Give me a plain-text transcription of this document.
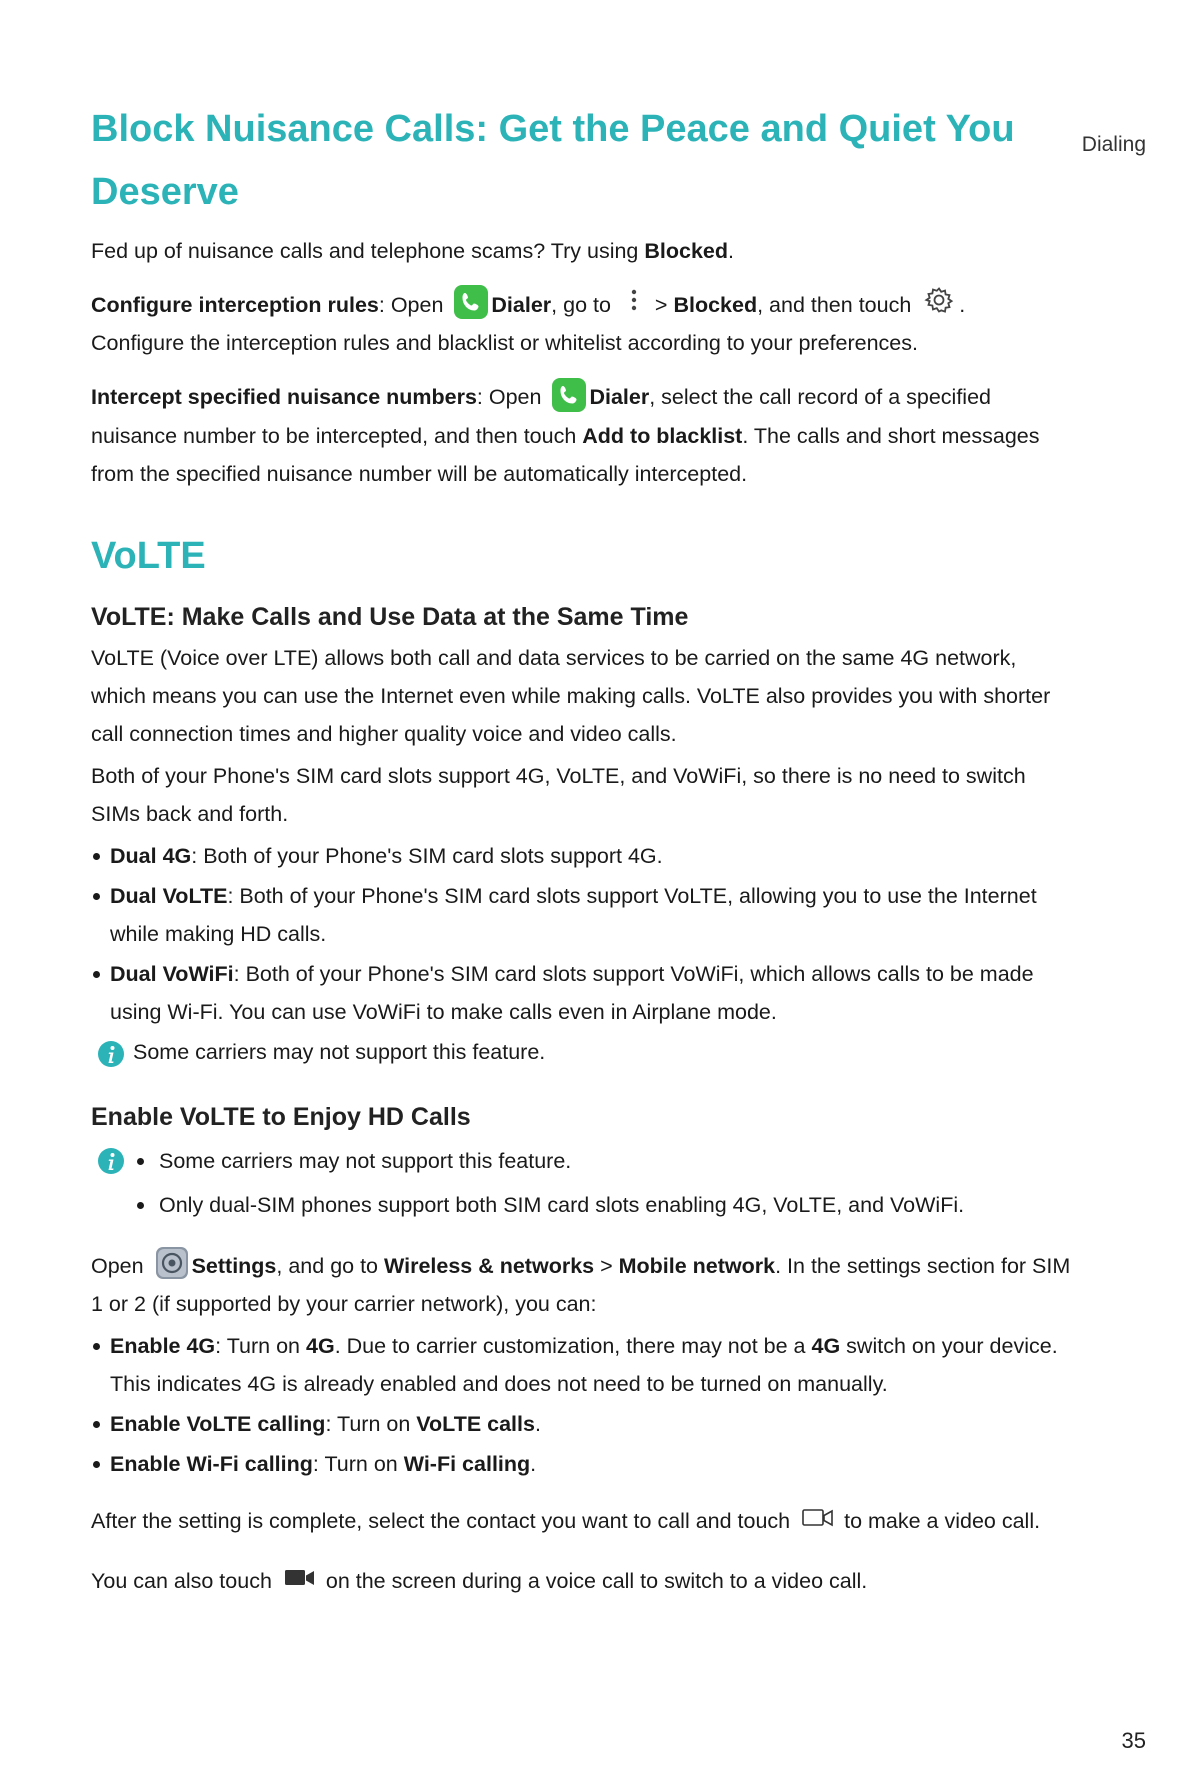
Dialing
Block Nuisance Calls: Get the Peace and Quiet You Deserve

Fed up of nuisance calls and telephone scams? Try using Blocked.

Configure interception rules: Open
Dialer, go to
> Blocked, and then touch
.
Configure the interception rules and blacklist or whitelist according to your preferences.

Intercept specified nuisance numbers: Open
Dialer, select the call record of a specified nuisance number to be intercepted, and then touch Add to blacklist. The calls and short messages from the specified nuisance number will be automatically intercepted.

VoLTE
VoLTE: Make Calls and Use Data at the Same Time

VoLTE (Voice over LTE) allows both call and data services to be carried on the same 4G network, which means you can use the Internet even while making calls. VoLTE also provides you with shorter call connection times and higher quality voice and video calls.

Both of your Phone's SIM card slots support 4G, VoLTE, and VoWiFi, so there is no need to switch SIMs back and forth.

Dual 4G: Both of your Phone's SIM card slots support 4G.
Dual VoLTE: Both of your Phone's SIM card slots support VoLTE, allowing you to use the Internet while making HD calls.
Dual VoWiFi: Both of your Phone's SIM card slots support VoWiFi, which allows calls to be made using Wi-Fi. You can use VoWiFi to make calls even in Airplane mode.

Some carriers may not support this feature.

Enable VoLTE to Enjoy HD Calls
Some carriers may not support this feature.
Only dual-SIM phones support both SIM card slots enabling 4G, VoLTE, and VoWiFi.

Open
Settings, and go to Wireless & networks > Mobile network. In the settings section for SIM 1 or 2 (if supported by your carrier network), you can:

Enable 4G: Turn on 4G. Due to carrier customization, there may not be a 4G switch on your device. This indicates 4G is already enabled and does not need to be turned on manually.
Enable VoLTE calling: Turn on VoLTE calls.
Enable Wi-Fi calling: Turn on Wi-Fi calling.

After the setting is complete, select the contact you want to call and touch
to make a video call.

You can also touch
on the screen during a voice call to switch to a video call.

35
